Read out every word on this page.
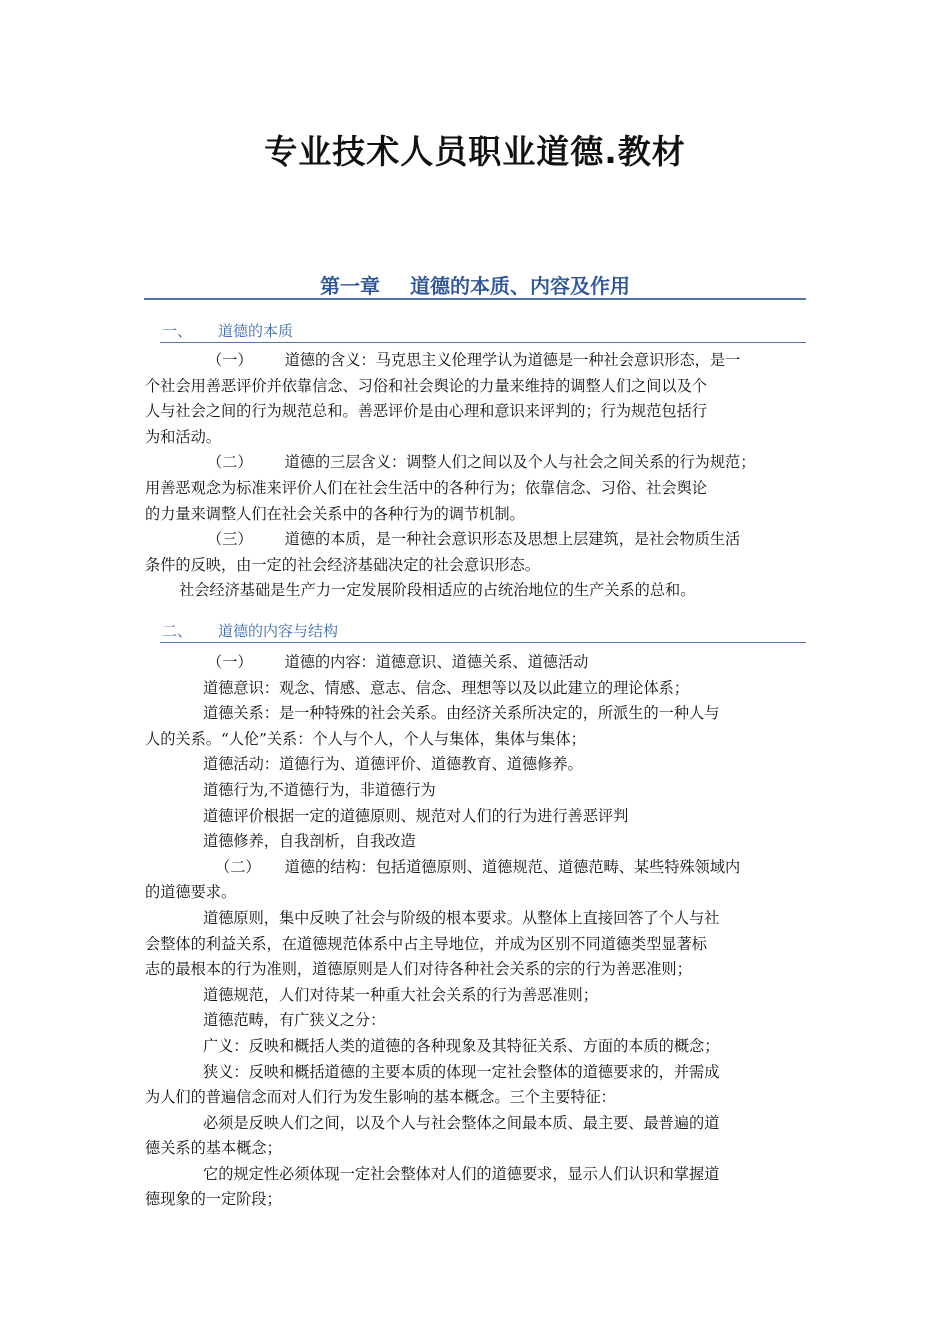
专业技术人员职业道德.教材
第一章 道德的本质、内容及作用
一、 道德的本质
（一） 道德的含义：马克思主义伦理学认为道德是一种社会意识形态，是一
个社会用善恶评价并依靠信念、习俗和社会舆论的力量来维持的调整人们之间以及个
人与社会之间的行为规范总和。善恶评价是由心理和意识来评判的；行为规范包括行
为和活动。
（二） 道德的三层含义：调整人们之间以及个人与社会之间关系的行为规范；
用善恶观念为标准来评价人们在社会生活中的各种行为；依靠信念、习俗、社会舆论
的力量来调整人们在社会关系中的各种行为的调节机制。
（三） 道德的本质，是一种社会意识形态及思想上层建筑，是社会物质生活
条件的反映，由一定的社会经济基础决定的社会意识形态。
社会经济基础是生产力一定发展阶段相适应的占统治地位的生产关系的总和。
二、 道德的内容与结构
（一） 道德的内容：道德意识、道德关系、道德活动
道德意识：观念、情感、意志、信念、理想等以及以此建立的理论体系；
道德关系：是一种特殊的社会关系。由经济关系所决定的，所派生的一种人与
人的关系。“人伦”关系：个人与个人，个人与集体，集体与集体；
道德活动：道德行为、道德评价、道德教育、道德修养。
道德行为,不道德行为，非道德行为
道德评价根据一定的道德原则、规范对人们的行为进行善恶评判
道德修养，自我剖析，自我改造
（二） 道德的结构：包括道德原则、道德规范、道德范畴、某些特殊领域内
的道德要求。
道德原则，集中反映了社会与阶级的根本要求。从整体上直接回答了个人与社
会整体的利益关系，在道德规范体系中占主导地位，并成为区别不同道德类型显著标
志的最根本的行为准则，道德原则是人们对待各种社会关系的宗的行为善恶准则；
道德规范，人们对待某一种重大社会关系的行为善恶准则；
道德范畴，有广狭义之分：
广义：反映和概括人类的道德的各种现象及其特征关系、方面的本质的概念；
狭义：反映和概括道德的主要本质的体现一定社会整体的道德要求的，并需成
为人们的普遍信念而对人们行为发生影响的基本概念。三个主要特征：
必须是反映人们之间，以及个人与社会整体之间最本质、最主要、最普遍的道
德关系的基本概念；
它的规定性必须体现一定社会整体对人们的道德要求，显示人们认识和掌握道
德现象的一定阶段；
